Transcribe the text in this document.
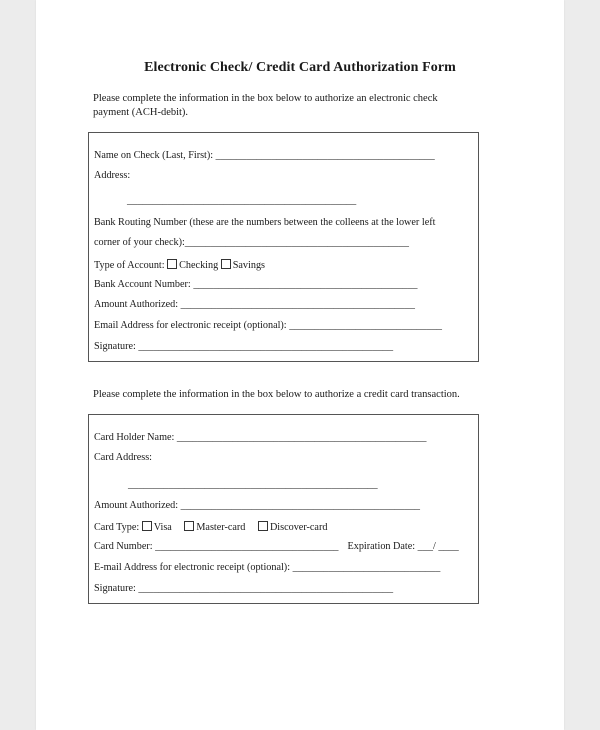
Electronic Check/ Credit Card Authorization Form

Please complete the information in the box below to authorize an electronic check
payment (ACH-debit).

Name on Check (Last, First): ___________________________________________
Address:
_____________________________________________
Bank Routing Number (these are the numbers between the colleens at the lower left
corner of your check):____________________________________________
Type of Account: Checking Savings
Bank Account Number: ____________________________________________
Amount Authorized: ______________________________________________
Email Address for electronic receipt (optional): ______________________________
Signature: __________________________________________________

Please complete the information in the box below to authorize a credit card transaction.

Card Holder Name: _________________________________________________
Card Address:
_________________________________________________
Amount Authorized: _______________________________________________
Card Type: Visa Master-card Discover-card
Card Number: ____________________________________ Expiration Date: ___/ ____
E-mail Address for electronic receipt (optional): _____________________________
Signature: __________________________________________________
